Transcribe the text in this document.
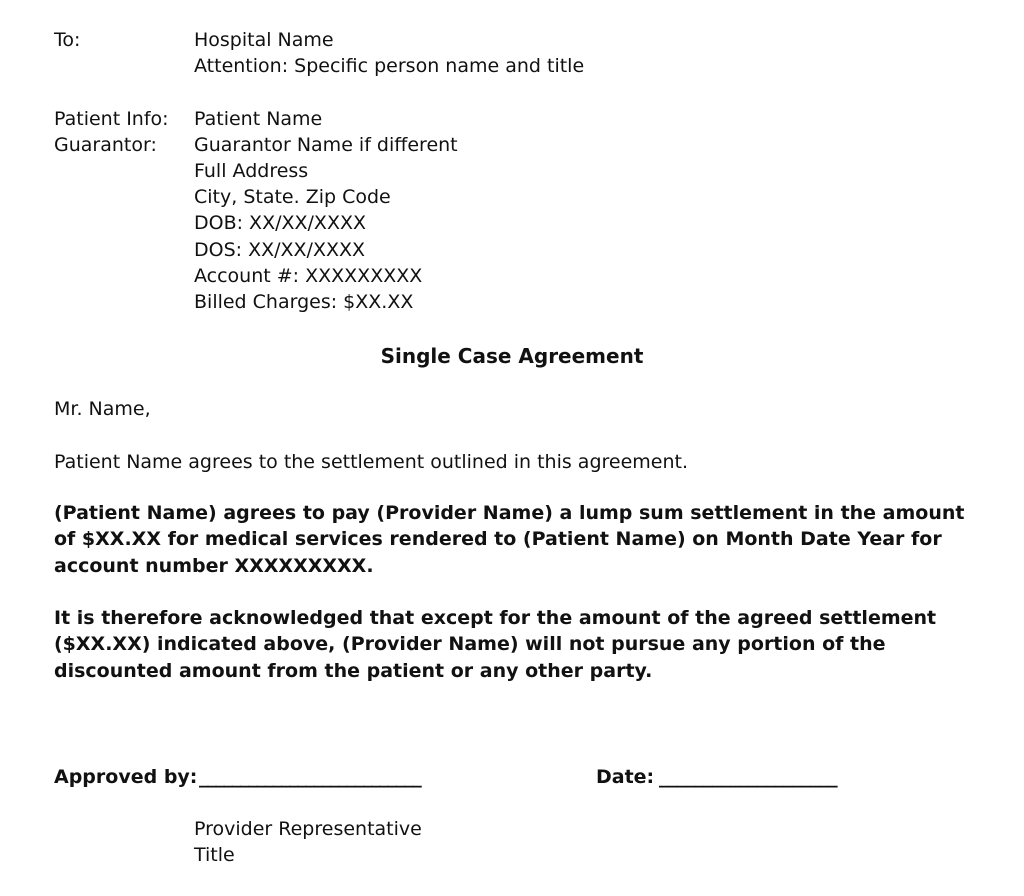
To:	Hospital Name
Attention: Specific person name and title
Patient Info:
Guarantor:
Patient Name
Guarantor Name if different
Full Address
City, State. Zip Code
DOB: XX/XX/XXXX
DOS: XX/XX/XXXX
Account #: XXXXXXXXX
Billed Charges: $XX.XX
Single Case Agreement
Mr. Name,
Patient Name agrees to the settlement outlined in this agreement.
(Patient Name) agrees to pay (Provider Name) a lump sum settlement in the amount
of $XX.XX for medical services rendered to (Patient Name) on Month Date Year for
account number XXXXXXXXX.
It is therefore acknowledged that except for the amount of the agreed settlement
($XX.XX) indicated above, (Provider Name) will not pursue any portion of the
discounted amount from the patient or any other party.
Approved by: ___________________________	Date: ____________________
Provider Representative
Title
